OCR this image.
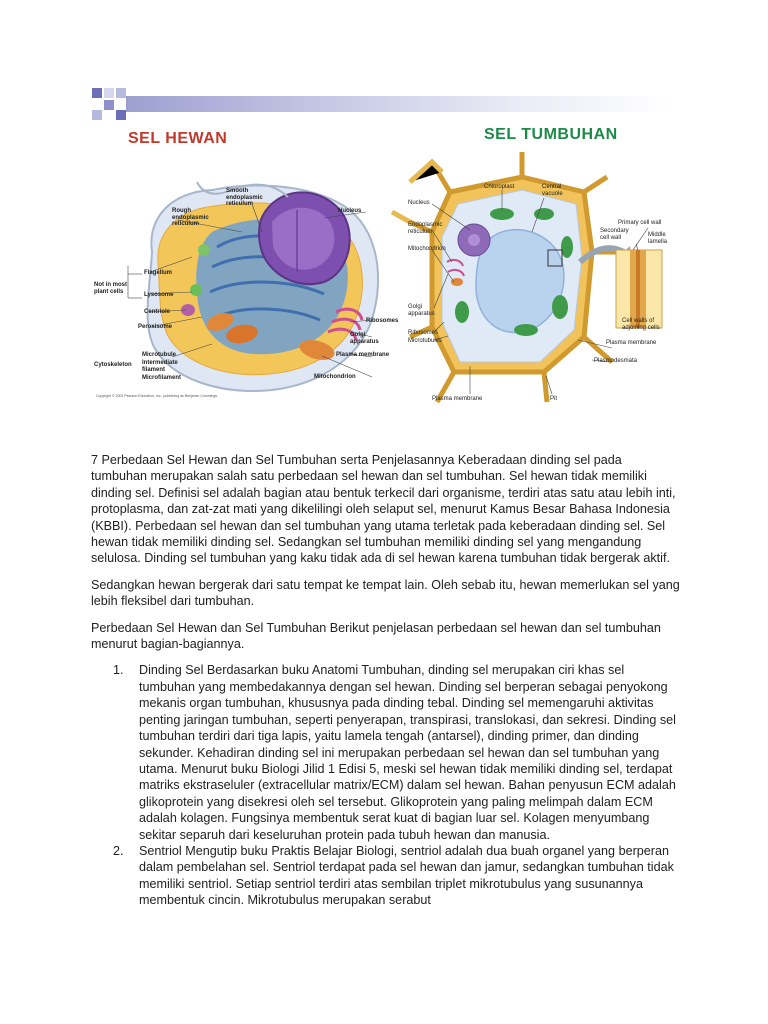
SEL HEWAN	SEL TUMBUHAN
Rough
endoplasmic
reticulum
Smooth
endoplasmic
reticulum
Nucleus
Flagellum
Not in most
plant cells
Lysosome
Centriole
Peroxisome
Ribosomes
Golgi
apparatus
Plasma membrane
Cytoskeleton
Microtubule
Intermediate
filament
Microfilament	Mitochondrion
Chloroplast	Central
vacuole
Nucleus
Endoplasmic
reticulum
Mitochondrion
Primary cell wall
Secondary
cell wall	Middle
lamella
Cell walls of
adjoining cells
Golgi
apparatus
Ribosomes
Microtubules	Plasma membrane
Plasmodesmata
Plasma membrane	Pit
Copyright © 2003 Pearson Education, Inc., publishing as Benjamin Cummings.

7 Perbedaan Sel Hewan dan Sel Tumbuhan serta Penjelasannya Keberadaan dinding sel pada tumbuhan merupakan salah satu perbedaan sel hewan dan sel tumbuhan. Sel hewan tidak memiliki dinding sel. Definisi sel adalah bagian atau bentuk terkecil dari organisme, terdiri atas satu atau lebih inti, protoplasma, dan zat-zat mati yang dikelilingi oleh selaput sel, menurut Kamus Besar Bahasa Indonesia (KBBI). Perbedaan sel hewan dan sel tumbuhan yang utama terletak pada keberadaan dinding sel. Sel hewan tidak memiliki dinding sel. Sedangkan sel tumbuhan memiliki dinding sel yang mengandung selulosa. Dinding sel tumbuhan yang kaku tidak ada di sel hewan karena tumbuhan tidak bergerak aktif.

Sedangkan hewan bergerak dari satu tempat ke tempat lain. Oleh sebab itu, hewan memerlukan sel yang lebih fleksibel dari tumbuhan.

Perbedaan Sel Hewan dan Sel Tumbuhan Berikut penjelasan perbedaan sel hewan dan sel tumbuhan menurut bagian-bagiannya.

1. Dinding Sel Berdasarkan buku Anatomi Tumbuhan, dinding sel merupakan ciri khas sel tumbuhan yang membedakannya dengan sel hewan. Dinding sel berperan sebagai penyokong mekanis organ tumbuhan, khususnya pada dinding tebal. Dinding sel memengaruhi aktivitas penting jaringan tumbuhan, seperti penyerapan, transpirasi, translokasi, dan sekresi. Dinding sel tumbuhan terdiri dari tiga lapis, yaitu lamela tengah (antarsel), dinding primer, dan dinding sekunder. Kehadiran dinding sel ini merupakan perbedaan sel hewan dan sel tumbuhan yang utama. Menurut buku Biologi Jilid 1 Edisi 5, meski sel hewan tidak memiliki dinding sel, terdapat matriks ekstraseluler (extracellular matrix/ECM) dalam sel hewan. Bahan penyusun ECM adalah glikoprotein yang disekresi oleh sel tersebut. Glikoprotein yang paling melimpah dalam ECM adalah kolagen. Fungsinya membentuk serat kuat di bagian luar sel. Kolagen menyumbang sekitar separuh dari keseluruhan protein pada tubuh hewan dan manusia.
2. Sentriol Mengutip buku Praktis Belajar Biologi, sentriol adalah dua buah organel yang berperan dalam pembelahan sel. Sentriol terdapat pada sel hewan dan jamur, sedangkan tumbuhan tidak memiliki sentriol. Setiap sentriol terdiri atas sembilan triplet mikrotubulus yang susunannya membentuk cincin. Mikrotubulus merupakan serabut
